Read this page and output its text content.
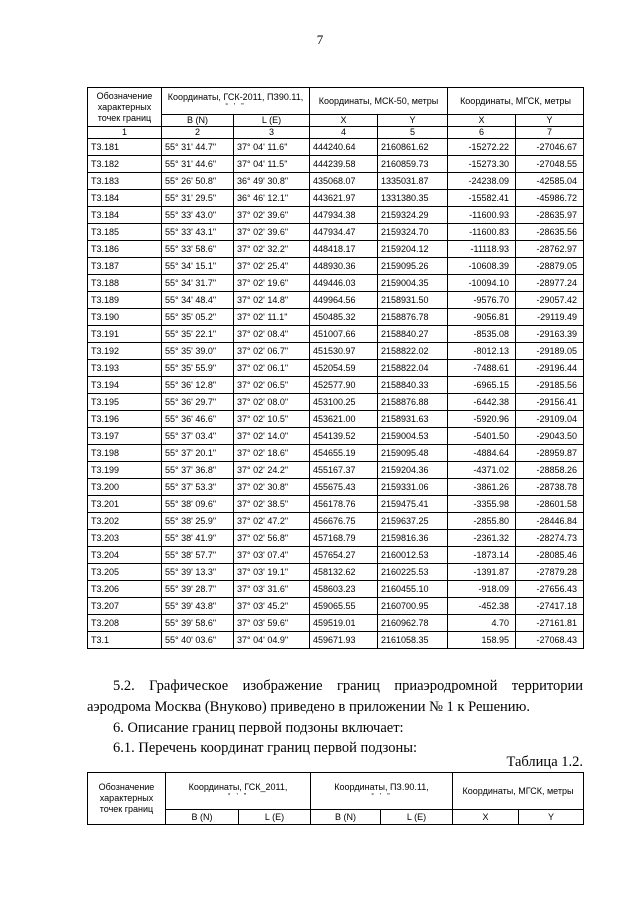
7
Обозначение характерных точек границ	Координаты, ГСК-2011, ПЗ90.11,
° ' "		Координаты, МСК-50, метры		Координаты, МГСК, метры	
	B (N)	L (E)	X	Y	X	Y
1	2	3	4	5	6	7
Т3.181	55° 31' 44.7"	37° 04' 11.6"	444240.64	2160861.62	-15272.22	-27046.67
Т3.182	55° 31' 44.6"	37° 04' 11.5"	444239.58	2160859.73	-15273.30	-27048.55
Т3.183	55° 26' 50.8"	36° 49' 30.8"	435068.07	1335031.87	-24238.09	-42585.04
Т3.184	55° 31' 29.5"	36° 46' 12.1"	443621.97	1331380.35	-15582.41	-45986.72
Т3.184	55° 33' 43.0"	37° 02' 39.6"	447934.38	2159324.29	-11600.93	-28635.97
Т3.185	55° 33' 43.1"	37° 02' 39.6"	447934.47	2159324.70	-11600.83	-28635.56
Т3.186	55° 33' 58.6"	37° 02' 32.2"	448418.17	2159204.12	-11118.93	-28762.97
Т3.187	55° 34' 15.1"	37° 02' 25.4"	448930.36	2159095.26	-10608.39	-28879.05
Т3.188	55° 34' 31.7"	37° 02' 19.6"	449446.03	2159004.35	-10094.10	-28977.24
Т3.189	55° 34' 48.4"	37° 02' 14.8"	449964.56	2158931.50	-9576.70	-29057.42
Т3.190	55° 35' 05.2"	37° 02' 11.1"	450485.32	2158876.78	-9056.81	-29119.49
Т3.191	55° 35' 22.1"	37° 02' 08.4"	451007.66	2158840.27	-8535.08	-29163.39
Т3.192	55° 35' 39.0"	37° 02' 06.7"	451530.97	2158822.02	-8012.13	-29189.05
Т3.193	55° 35' 55.9"	37° 02' 06.1"	452054.59	2158822.04	-7488.61	-29196.44
Т3.194	55° 36' 12.8"	37° 02' 06.5"	452577.90	2158840.33	-6965.15	-29185.56
Т3.195	55° 36' 29.7"	37° 02' 08.0"	453100.25	2158876.88	-6442.38	-29156.41
Т3.196	55° 36' 46.6"	37° 02' 10.5"	453621.00	2158931.63	-5920.96	-29109.04
Т3.197	55° 37' 03.4"	37° 02' 14.0"	454139.52	2159004.53	-5401.50	-29043.50
Т3.198	55° 37' 20.1"	37° 02' 18.6"	454655.19	2159095.48	-4884.64	-28959.87
Т3.199	55° 37' 36.8"	37° 02' 24.2"	455167.37	2159204.36	-4371.02	-28858.26
Т3.200	55° 37' 53.3"	37° 02' 30.8"	455675.43	2159331.06	-3861.26	-28738.78
Т3.201	55° 38' 09.6"	37° 02' 38.5"	456178.76	2159475.41	-3355.98	-28601.58
Т3.202	55° 38' 25.9"	37° 02' 47.2"	456676.75	2159637.25	-2855.80	-28446.84
Т3.203	55° 38' 41.9"	37° 02' 56.8"	457168.79	2159816.36	-2361.32	-28274.73
Т3.204	55° 38' 57.7"	37° 03' 07.4"	457654.27	2160012.53	-1873.14	-28085.46
Т3.205	55° 39' 13.3"	37° 03' 19.1"	458132.62	2160225.53	-1391.87	-27879.28
Т3.206	55° 39' 28.7"	37° 03' 31.6"	458603.23	2160455.10	-918.09	-27656.43
Т3.207	55° 39' 43.8"	37° 03' 45.2"	459065.55	2160700.95	-452.38	-27417.18
Т3.208	55° 39' 58.6"	37° 03' 59.6"	459519.01	2160962.78	4.70	-27161.81
Т3.1	55° 40' 03.6"	37° 04' 04.9"	459671.93	2161058.35	158.95	-27068.43
5.2. Графическое изображение границ приаэродромной территории
аэродрома Москва (Внуково) приведено в приложении № 1 к Решению.
6. Описание границ первой подзоны включает:
6.1. Перечень координат границ первой подзоны:
Таблица 1.2.
Обозначение характерных точек границ	Координаты, ГСК_2011,
° ' "		Координаты, ПЗ.90.11,
° ' "		Координаты, МГСК, метры	
	B (N)	L (E)	B (N)	L (E)	X	Y
